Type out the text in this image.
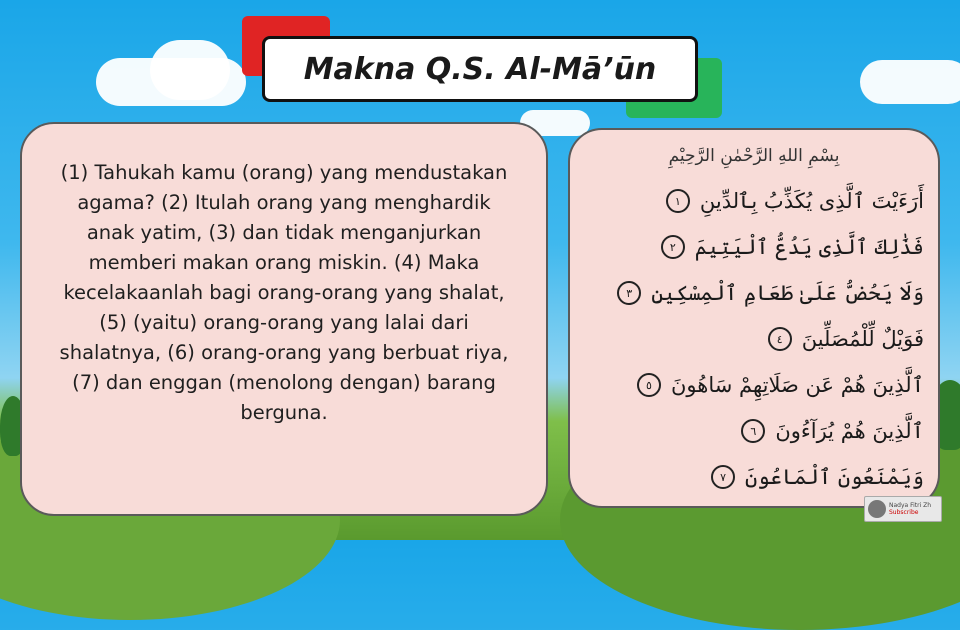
Makna Q.S. Al-Mā’ūn
(1) Tahukah kamu (orang) yang mendustakan agama? (2) Itulah orang yang menghardik anak yatim, (3) dan tidak menganjurkan memberi makan orang miskin. (4) Maka kecelakaanlah bagi orang-orang yang shalat, (5) (yaitu) orang-orang yang lalai dari shalatnya, (6) orang-orang yang berbuat riya, (7) dan enggan (menolong dengan) barang berguna.
بِسْمِ اللهِ الرَّحْمٰنِ الرَّحِيْمِ
أَرَءَيْتَ ٱلَّذِى يُكَذِّبُ بِٱلدِّينِ
١
فَذَٰلِكَ ٱلَّذِى يَدُعُّ ٱلْيَتِيمَ
٢
وَلَا يَحُضُّ عَلَىٰ طَعَامِ ٱلْمِسْكِينِ
٣
فَوَيْلٌ لِّلْمُصَلِّينَ
٤
ٱلَّذِينَ هُمْ عَن صَلَاتِهِمْ سَاهُونَ
٥
ٱلَّذِينَ هُمْ يُرَآءُونَ
٦
وَيَمْنَعُونَ ٱلْمَاعُونَ
٧
Nadya Fitri Zh
Subscribe
